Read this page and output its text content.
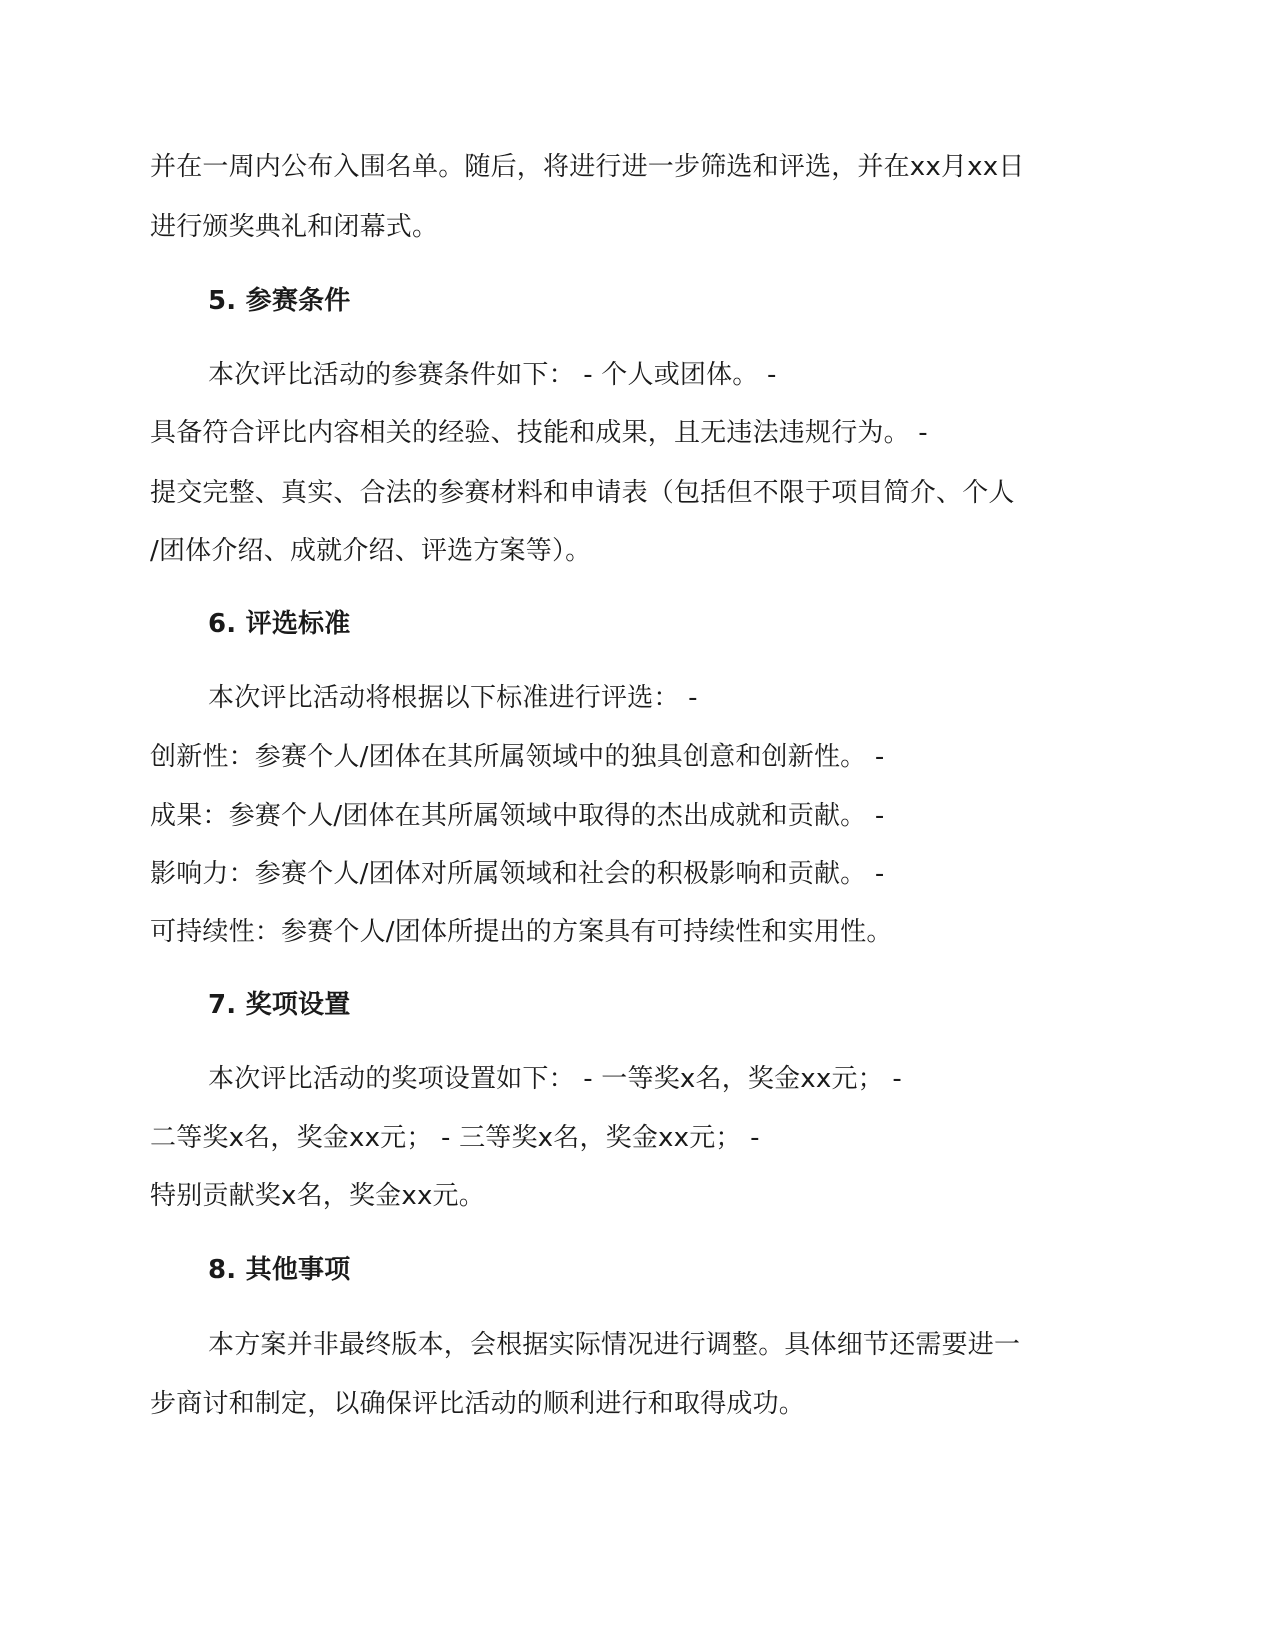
并在一周内公布入围名单。随后，将进行进一步筛选和评选，并在xx月xx日
进行颁奖典礼和闭幕式。
5. 参赛条件
本次评比活动的参赛条件如下： - 个人或团体。 -
具备符合评比内容相关的经验、技能和成果，且无违法违规行为。 -
提交完整、真实、合法的参赛材料和申请表（包括但不限于项目简介、个人
/团体介绍、成就介绍、评选方案等）。
6. 评选标准
本次评比活动将根据以下标准进行评选： -
创新性：参赛个人/团体在其所属领域中的独具创意和创新性。 -
成果：参赛个人/团体在其所属领域中取得的杰出成就和贡献。 -
影响力：参赛个人/团体对所属领域和社会的积极影响和贡献。 -
可持续性：参赛个人/团体所提出的方案具有可持续性和实用性。
7. 奖项设置
本次评比活动的奖项设置如下： - 一等奖x名，奖金xx元； -
二等奖x名，奖金xx元； - 三等奖x名，奖金xx元； -
特别贡献奖x名，奖金xx元。
8. 其他事项
本方案并非最终版本，会根据实际情况进行调整。具体细节还需要进一
步商讨和制定，以确保评比活动的顺利进行和取得成功。
